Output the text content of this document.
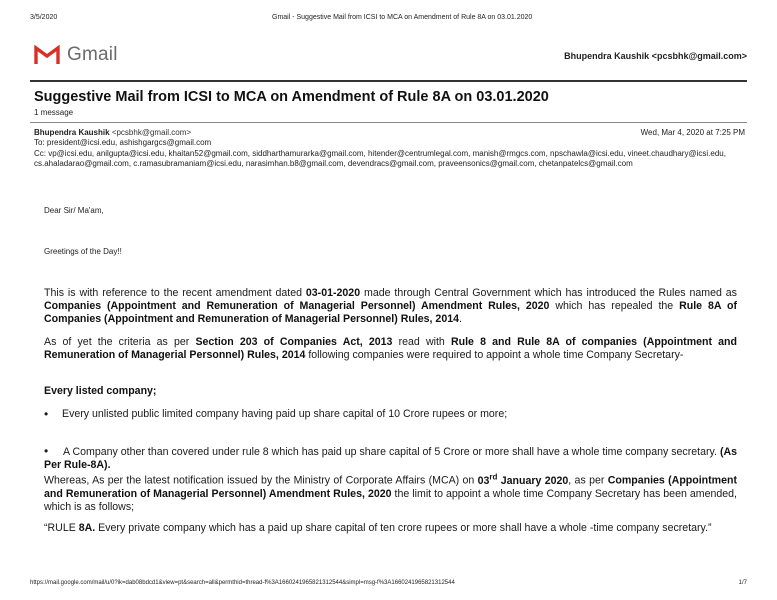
3/5/2020	Gmail - Suggestive Mail from ICSI to MCA on Amendment of Rule 8A on 03.01.2020
Gmail	Bhupendra Kaushik <pcsbhk@gmail.com>
Suggestive Mail from ICSI to MCA on Amendment of Rule 8A on 03.01.2020
1 message
Bhupendra Kaushik <pcsbhk@gmail.com>	Wed, Mar 4, 2020 at 7:25 PM
To: president@icsi.edu, ashishgargcs@gmail.com
Cc: vp@icsi.edu, anilgupta@icsi.edu, khaitan52@gmail.com, siddharthamurarka@gmail.com, hitender@centrumlegal.com, manish@rmgcs.com, npschawla@icsi.edu, vineet.chaudhary@icsi.edu, cs.ahaladarao@gmail.com, c.ramasubramaniam@icsi.edu, narasimhan.b8@gmail.com, devendracs@gmail.com, praveensonics@gmail.com, chetanpatelcs@gmail.com
Dear Sir/ Ma'am,
Greetings of the Day!!
This is with reference to the recent amendment dated 03-01-2020 made through Central Government which has introduced the Rules named as Companies (Appointment and Remuneration of Managerial Personnel) Amendment Rules, 2020 which has repealed the Rule 8A of Companies (Appointment and Remuneration of Managerial Personnel) Rules, 2014.
As of yet the criteria as per Section 203 of Companies Act, 2013 read with Rule 8 and Rule 8A of companies (Appointment and Remuneration of Managerial Personnel) Rules, 2014 following companies were required to appoint a whole time Company Secretary-
Every listed company;
• Every unlisted public limited company having paid up share capital of 10 Crore rupees or more;
• A Company other than covered under rule 8 which has paid up share capital of 5 Crore or more shall have a whole time company secretary. (As Per Rule-8A).
Whereas, As per the latest notification issued by the Ministry of Corporate Affairs (MCA) on 03rd January 2020, as per Companies (Appointment and Remuneration of Managerial Personnel) Amendment Rules, 2020 the limit to appoint a whole time Company Secretary has been amended, which is as follows;
“RULE 8A. Every private company which has a paid up share capital of ten crore rupees or more shall have a whole -time company secretary.”
https://mail.google.com/mail/u/0?ik=dab08bdcd1&view=pt&search=all&permthid=thread-f%3A1660241965821312544&simpl=msg-f%3A1660241965821312544	1/7
